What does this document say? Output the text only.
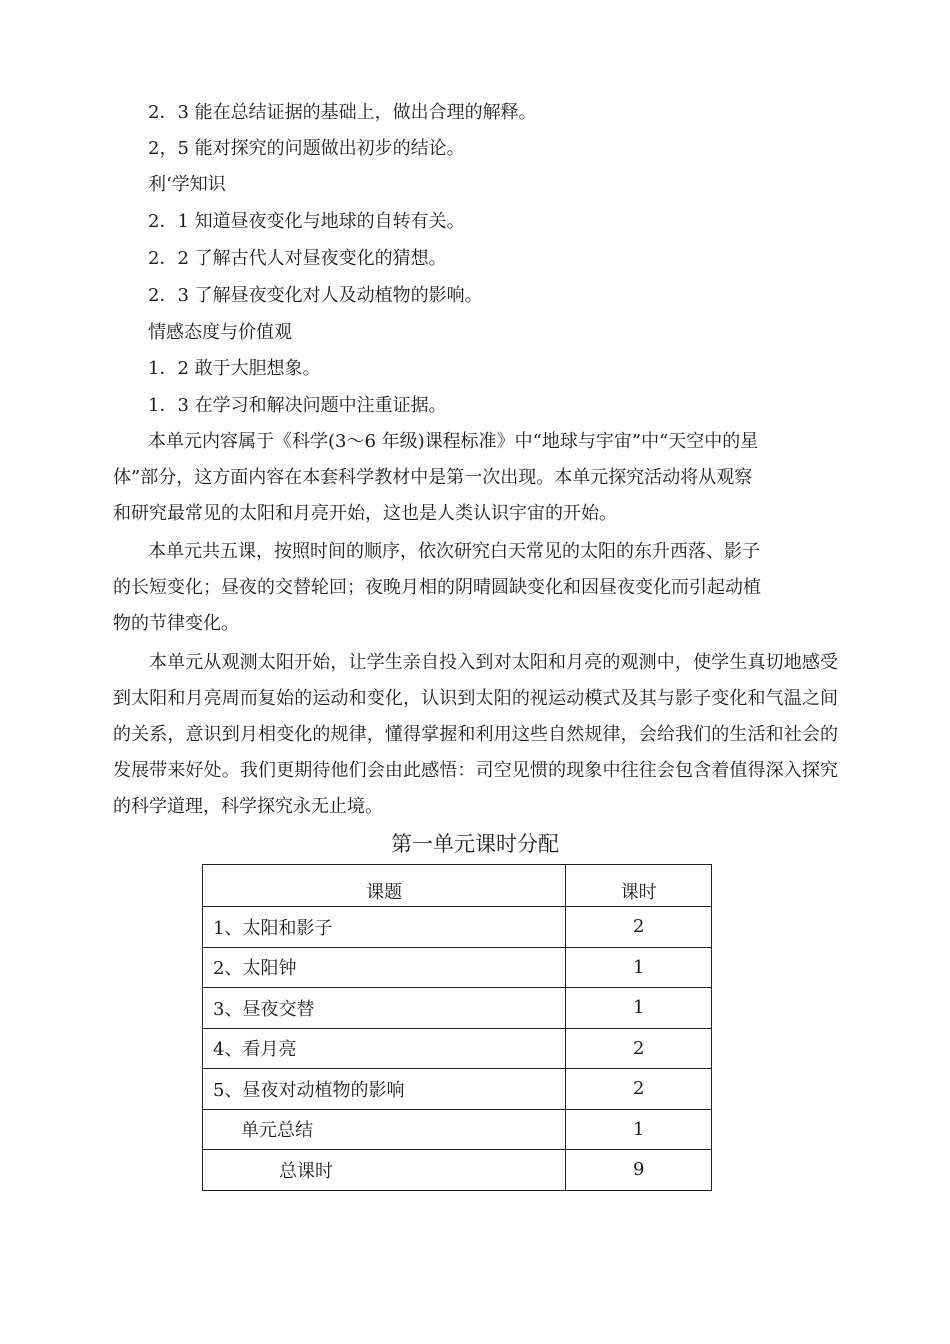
2．3 能在总结证据的基础上，做出合理的解释。
2，5 能对探究的问题做出初步的结论。
利‘学知识
2．1 知道昼夜变化与地球的自转有关。
2．2 了解古代人对昼夜变化的猜想。
2．3 了解昼夜变化对人及动植物的影响。
情感态度与价值观
1．2 敢于大胆想象。
1．3 在学习和解决问题中注重证据。
本单元内容属于《科学(3～6 年级)课程标准》中“地球与宇宙”中“天空中的星
体”部分，这方面内容在本套科学教材中是第一次出现。本单元探究活动将从观察
和研究最常见的太阳和月亮开始，这也是人类认识宇宙的开始。
本单元共五课，按照时间的顺序，依次研究白天常见的太阳的东升西落、影子
的长短变化；昼夜的交替轮回；夜晚月相的阴晴圆缺变化和因昼夜变化而引起动植
物的节律变化。

本单元从观测太阳开始，让学生亲自投入到对太阳和月亮的观测中，使学生真切地感受到太阳和月亮周而复始的运动和变化，认识到太阳的视运动模式及其与影子变化和气温之间的关系，意识到月相变化的规律，懂得掌握和利用这些自然规律，会给我们的生活和社会的发展带来好处。我们更期待他们会由此感悟：司空见惯的现象中往往会包含着值得深入探究的科学道理，科学探究永无止境。

第一单元课时分配
课题	课时
1、太阳和影子	2
2、太阳钟	1
3、昼夜交替	1
4、看月亮	2
5、昼夜对动植物的影响	2
单元总结	1
总课时	9
